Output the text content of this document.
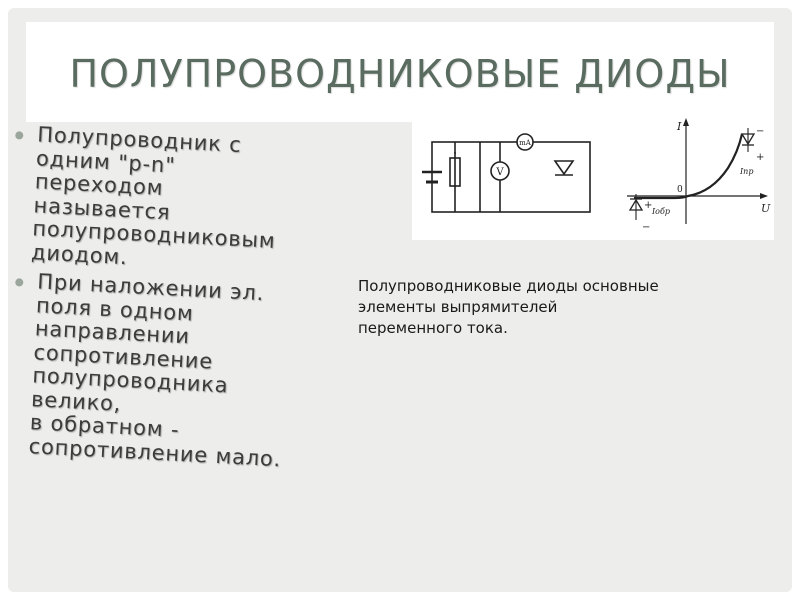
ПОЛУПРОВОДНИКОВЫЕ ДИОДЫ
Полупроводник с
одним "p-n"
переходом
называется
полупроводниковым
диодом.
При наложении эл.
поля в одном
направлении
сопротивление
полупроводника
велико,
в обратном -
сопротивление мало.
V
mA
I
U
0
Iпр
Iобр
+
−
+
−
Полупроводниковые диоды основные
элементы выпрямителей
переменного тока.
